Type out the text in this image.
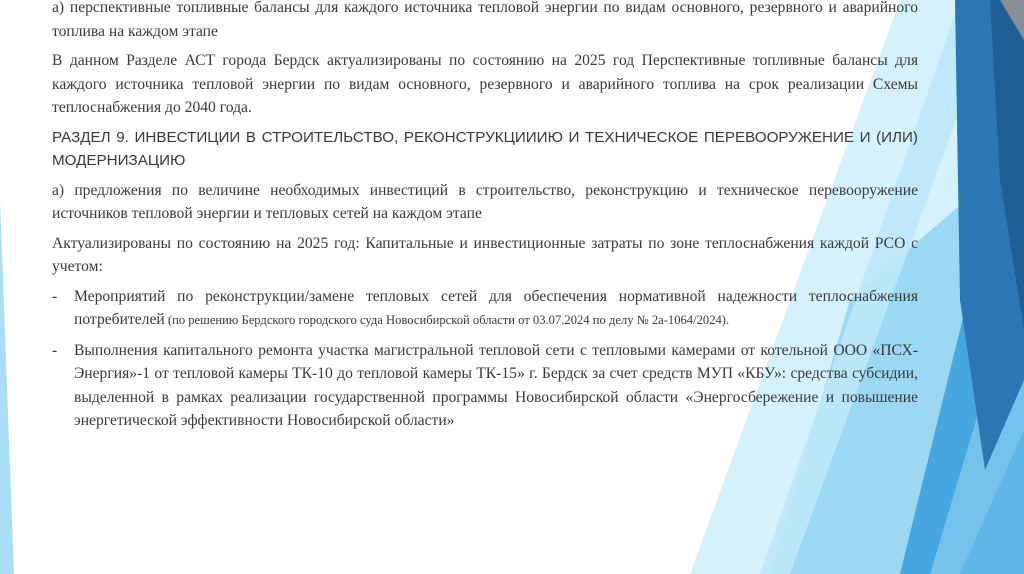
а) перспективные топливные балансы для каждого источника тепловой энергии по видам основного, резервного и аварийного топлива на каждом этапе

В данном Разделе АСТ города Бердск актуализированы по состоянию на 2025 год Перспективные топливные балансы для каждого источника тепловой энергии по видам основного, резервного и аварийного топлива на срок реализации Схемы теплоснабжения до 2040 года.

РАЗДЕЛ 9. ИНВЕСТИЦИИ В СТРОИТЕЛЬСТВО, РЕКОНСТРУКЦИИИЮ И ТЕХНИЧЕСКОЕ ПЕРЕВООРУЖЕНИЕ И (ИЛИ) МОДЕРНИЗАЦИЮ

а) предложения по величине необходимых инвестиций в строительство, реконструкцию и техническое перевооружение источников тепловой энергии и тепловых сетей на каждом этапе

Актуализированы по состоянию на 2025 год: Капитальные и инвестиционные затраты по зоне теплоснабжения каждой РСО с учетом:

-	Мероприятий по реконструкции/замене тепловых сетей для обеспечения нормативной надежности теплоснабжения потребителей (по решению Бердского городского суда Новосибирской области от 03.07.2024 по делу № 2а-1064/2024).
-	Выполнения капитального ремонта участка магистральной тепловой сети с тепловыми камерами от котельной ООО «ПСХ-Энергия»-1 от тепловой камеры ТК-10 до тепловой камеры ТК-15» г. Бердск за счет средств МУП «КБУ»: средства субсидии, выделенной в рамках реализации государственной программы Новосибирской области «Энергосбережение и повышение энергетической эффективности Новосибирской области»
